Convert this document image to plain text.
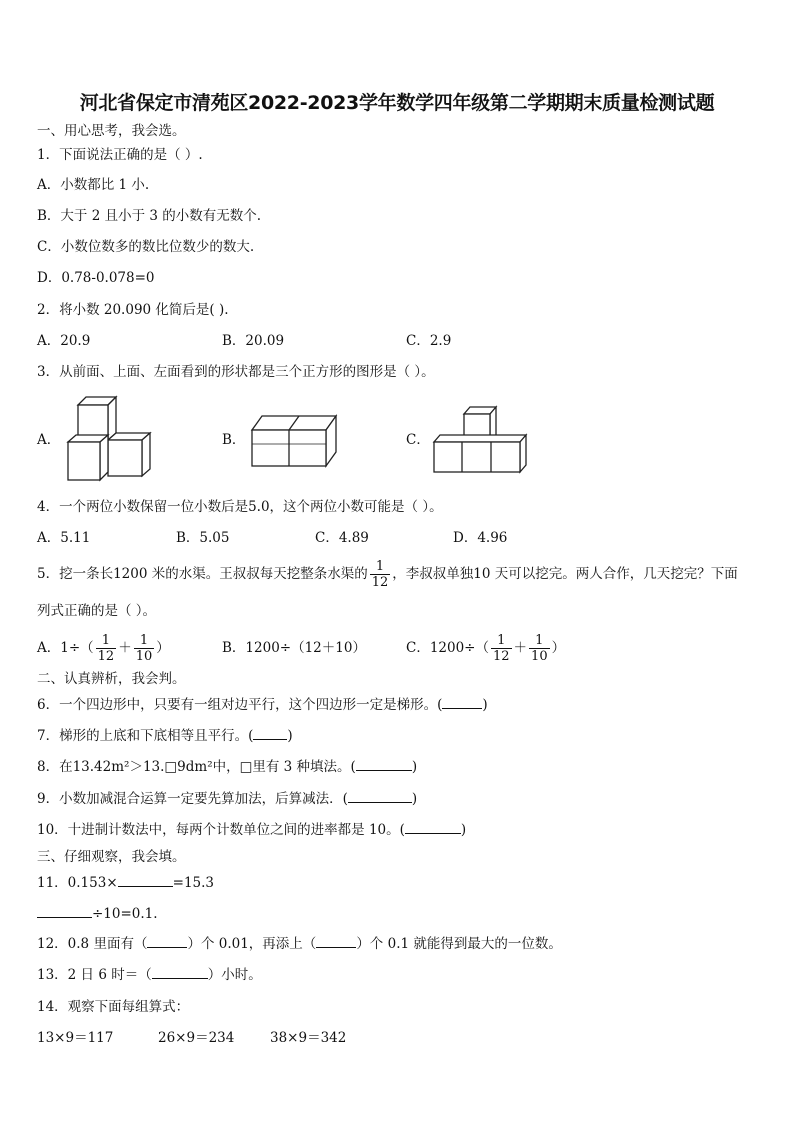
河北省保定市清苑区2022-2023学年数学四年级第二学期期末质量检测试题
一、用心思考，我会选。
1．下面说法正确的是（ ）.
A．小数都比 1 小.
B．大于 2 且小于 3 的小数有无数个.
C．小数位数多的数比位数少的数大.
D．0.78-0.078=0
2．将小数 20.090 化简后是( ).
A．20.9	B．20.09	C．2.9
3．从前面、上面、左面看到的形状都是三个正方形的图形是（ ）。
A．	B．	C．
4．一个两位小数保留一位小数后是5.0，这个两位小数可能是（ ）。
A．5.11	B．5.05	C．4.89	D．4.96
5．挖一条长1200 米的水渠。王叔叔每天挖整条水渠的 $\frac{1}{12}$ ，李叔叔单独10 天可以挖完。两人合作，几天挖完？下面
列式正确的是（ ）。
A．$1\div( \frac{1}{12} + \frac{1}{10}$ ）	B．1200÷（12＋10）	C．$1200\div( \frac{1}{12} + \frac{1}{10}$ ）
二、认真辨析，我会判。
6．一个四边形中，只要有一组对边平行，这个四边形一定是梯形。(	)
7．梯形的上底和下底相等且平行。(	)
8．在13.42m²＞13.□9dm²中，□里有 3 种填法。(	)
9．小数加减混合运算一定要先算加法，后算减法．(	)
10．十进制计数法中，每两个计数单位之间的进率都是 10。(	)
三、仔细观察，我会填。
11．0.153×	=15.3
÷10=0.1.
12．0.8 里面有（	）个 0.01，再添上（	）个 0.1 就能得到最大的一位数。
13．2 日 6 时＝（	）小时。
14．观察下面每组算式：
13×9＝117	26×9＝234	38×9＝342
